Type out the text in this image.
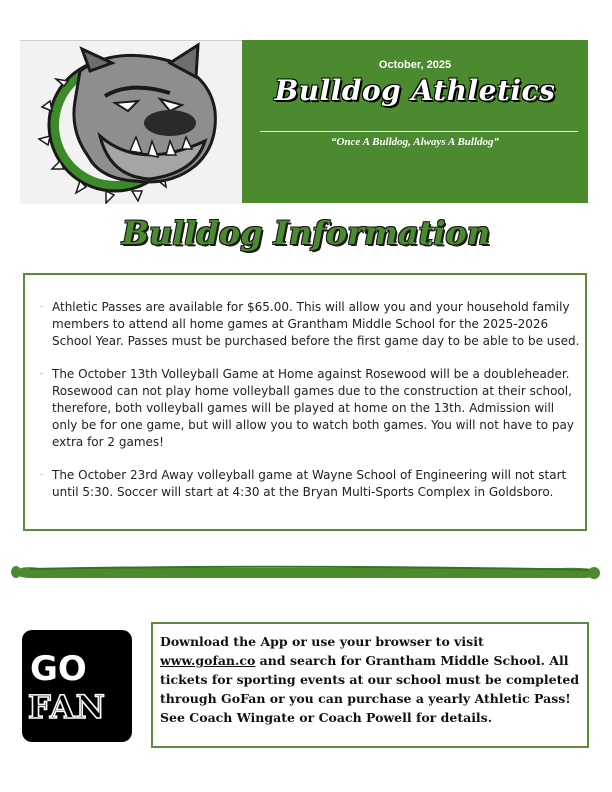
October, 2025
Bulldog Athletics
“Once A Bulldog, Always A Bulldog”
Bulldog Information
- Athletic Passes are available for $65.00. This will allow you and your household family members to attend all home games at Grantham Middle School for the 2025-2026 School Year. Passes must be purchased before the first game day to be able to be used.
- The October 13th Volleyball Game at Home against Rosewood will be a doubleheader. Rosewood can not play home volleyball games due to the construction at their school, therefore, both volleyball games will be played at home on the 13th. Admission will only be for one game, but will allow you to watch both games. You will not have to pay extra for 2 games!
- The October 23rd Away volleyball game at Wayne School of Engineering will not start until 5:30. Soccer will start at 4:30 at the Bryan Multi-Sports Complex in Goldsboro.
GO
FAN
Download the App or use your browser to visit www.gofan.co and search for Grantham Middle School. All tickets for sporting events at our school must be completed through GoFan or you can purchase a yearly Athletic Pass! See Coach Wingate or Coach Powell for details.
